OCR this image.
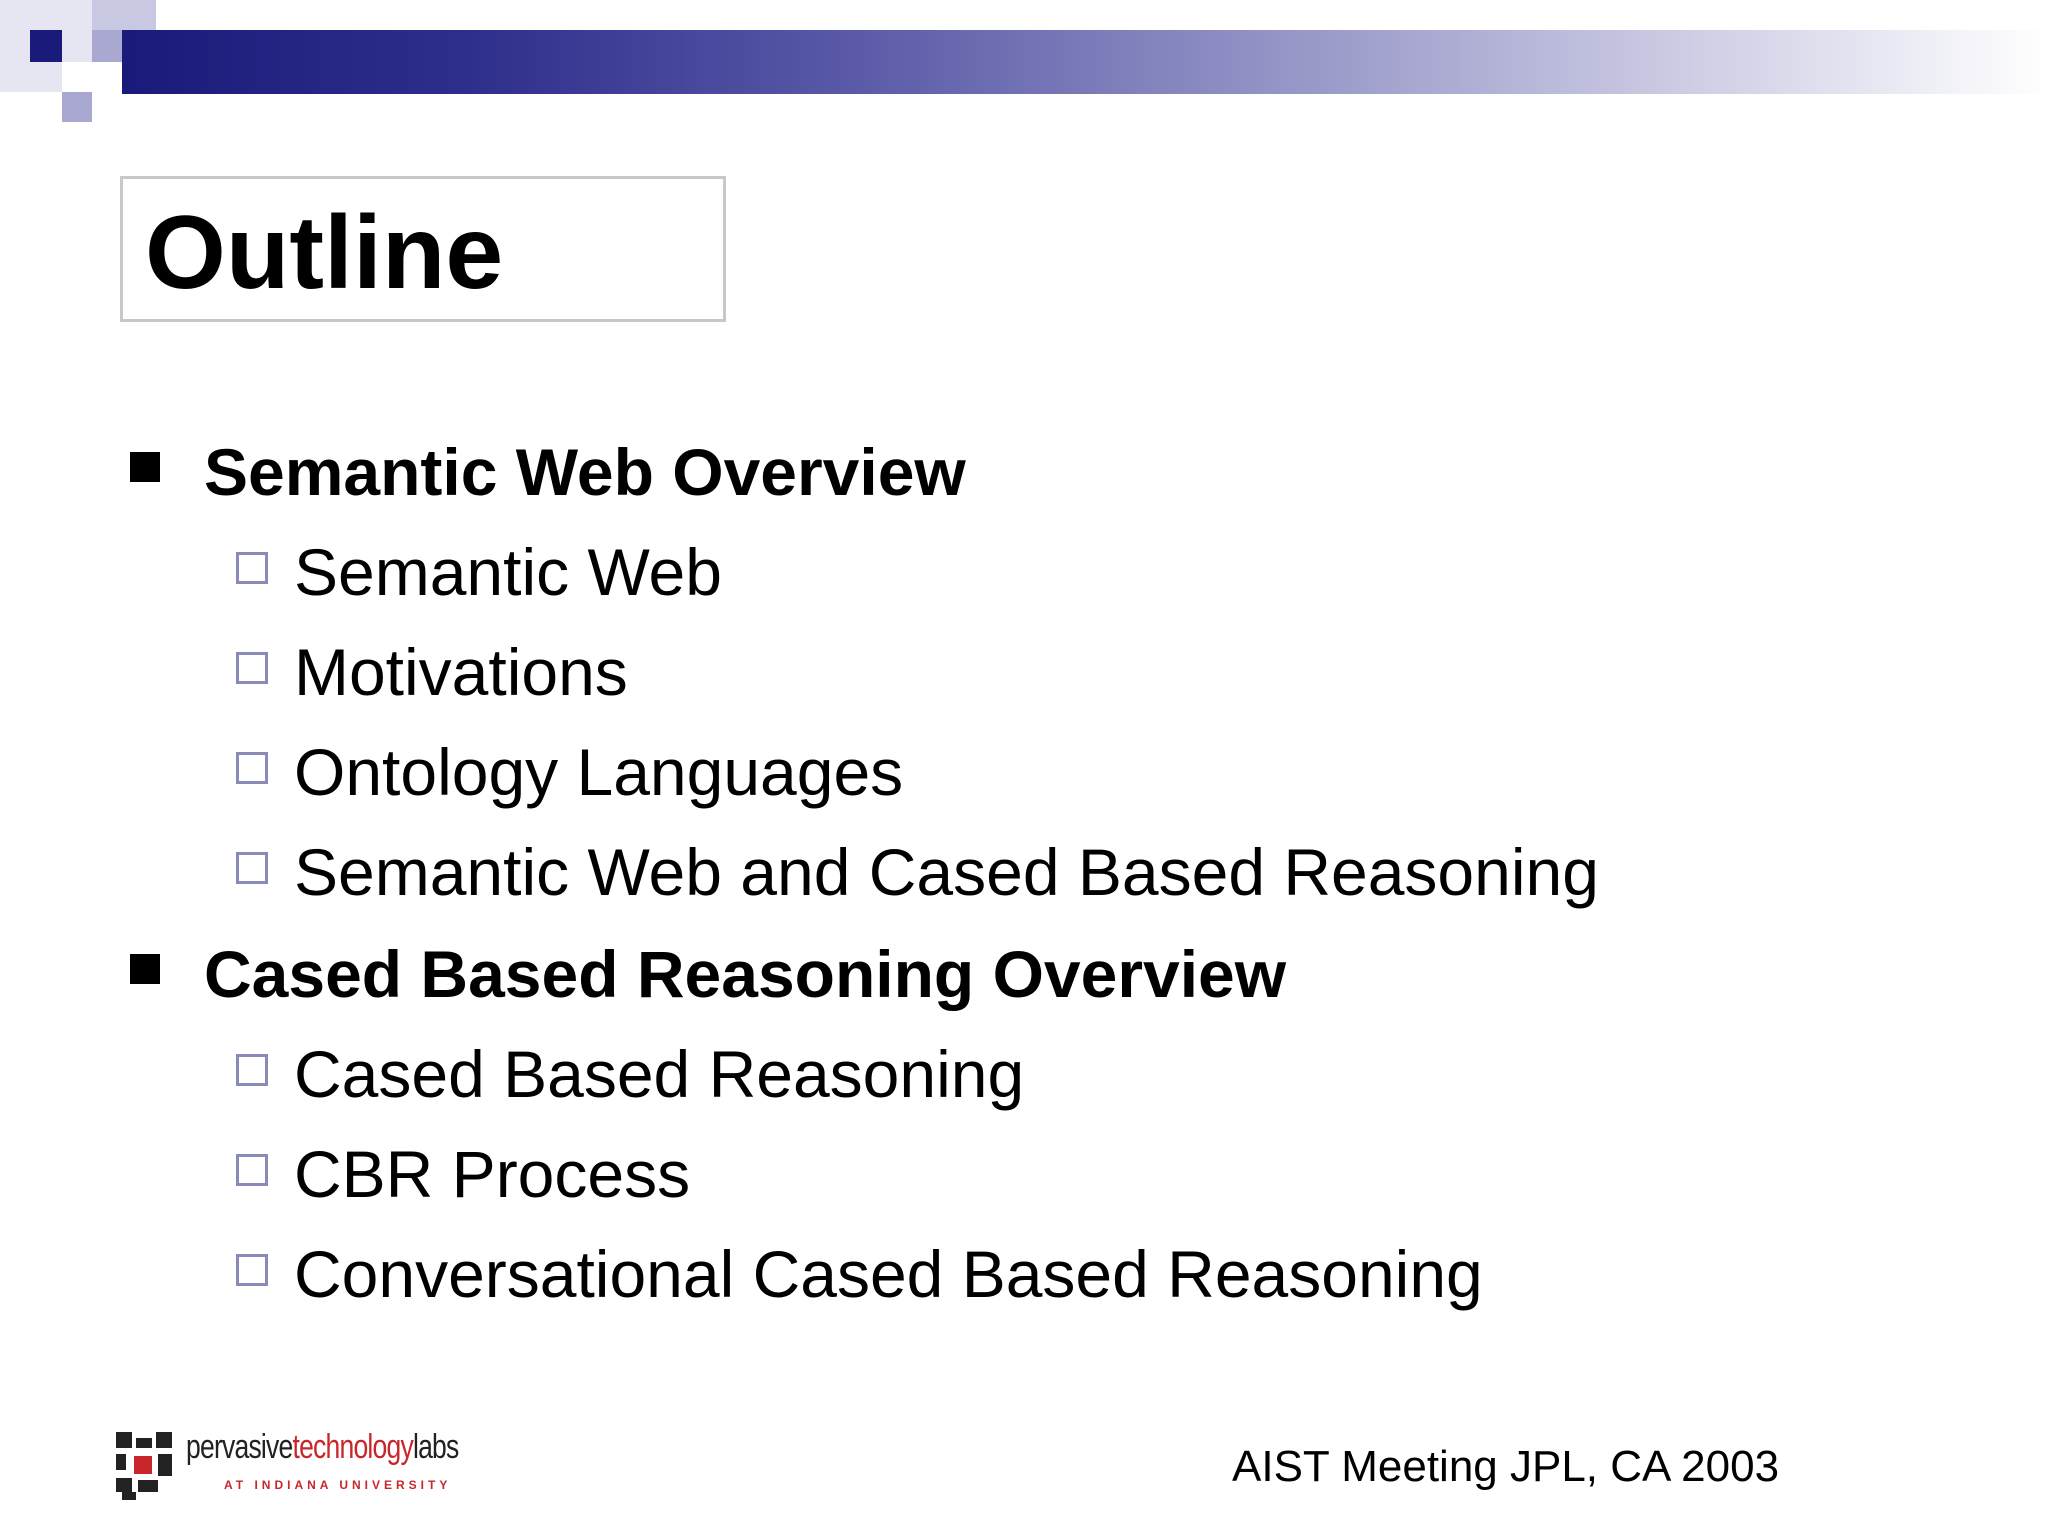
Outline
Semantic Web Overview
Semantic Web
Motivations
Ontology Languages
Semantic Web and Cased Based Reasoning
Cased Based Reasoning Overview
Cased Based Reasoning
CBR Process
Conversational Cased Based Reasoning
pervasivetechnologylabs
AT INDIANA UNIVERSITY	AIST Meeting JPL, CA 2003
